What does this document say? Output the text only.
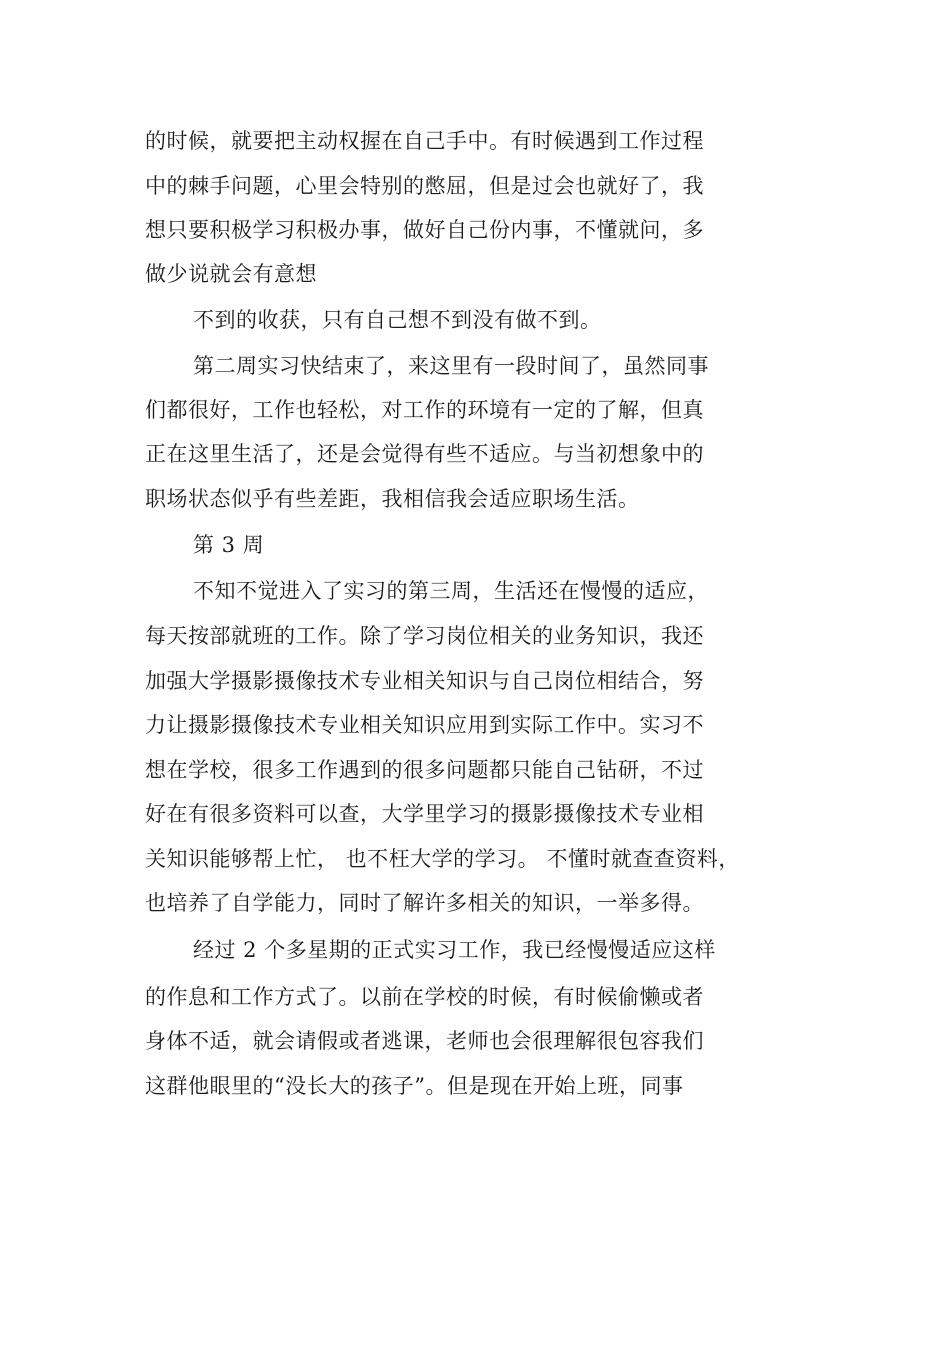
的时候，就要把主动权握在自己手中。有时候遇到工作过程

中的棘手问题，心里会特别的憋屈，但是过会也就好了，我

想只要积极学习积极办事，做好自己份内事，不懂就问，多

做少说就会有意想

不到的收获，只有自己想不到没有做不到。

第二周实习快结束了，来这里有一段时间了，虽然同事

们都很好，工作也轻松，对工作的环境有一定的了解，但真

正在这里生活了，还是会觉得有些不适应。与当初想象中的

职场状态似乎有些差距，我相信我会适应职场生活。

第 3 周

不知不觉进入了实习的第三周，生活还在慢慢的适应，

每天按部就班的工作。除了学习岗位相关的业务知识，我还

加强大学摄影摄像技术专业相关知识与自己岗位相结合，努

力让摄影摄像技术专业相关知识应用到实际工作中。实习不

想在学校，很多工作遇到的很多问题都只能自己钻研，不过

好在有很多资料可以查，大学里学习的摄影摄像技术专业相

关知识能够帮上忙， 也不枉大学的学习。 不懂时就查查资料，

也培养了自学能力，同时了解许多相关的知识，一举多得。

经过 2 个多星期的正式实习工作，我已经慢慢适应这样

的作息和工作方式了。以前在学校的时候，有时候偷懒或者

身体不适，就会请假或者逃课，老师也会很理解很包容我们

这群他眼里的“没长大的孩子”。但是现在开始上班，同事
